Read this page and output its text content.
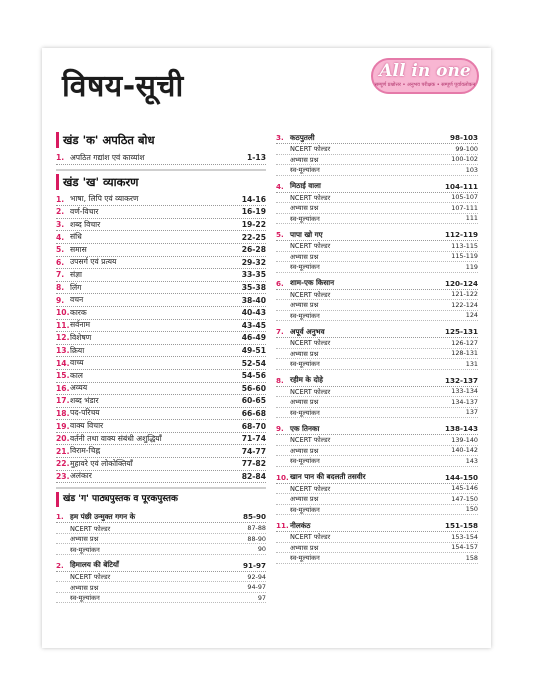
विषय-सूची	All in one
सम्पूर्ण प्रश्नोत्तर • अनुभव परीक्षक • सम्पूर्ण पूर्वावलोकन
खंड 'क' अपठित बोध
1. अपठित गद्यांश एवं काव्यांश	1-13
खंड 'ख' व्याकरण
1. भाषा, लिपि एवं व्याकरण	14-16
2. वर्ण-विचार	16-19
3. शब्द विचार	19-22
4. संधि	22-25
5. समास	26-28
6. उपसर्ग एवं प्रत्यय	29-32
7. संज्ञा	33-35
8. लिंग	35-38
9. वचन	38-40
10. कारक	40-43
11. सर्वनाम	43-45
12. विशेषण	46-49
13. क्रिया	49-51
14. वाच्य	52-54
15. काल	54-56
16. अव्यय	56-60
17. शब्द भंडार	60-65
18. पद-परिचय	66-68
19. वाक्य विचार	68-70
20. वर्तनी तथा वाक्य संबंधी अशुद्धियाँ	71-74
21. विराम-चिह्न	74-77
22. मुहावरे एवं लोकोक्तियाँ	77-82
23. अलंकार	82-84
खंड 'ग' पाठ्यपुस्तक व पूरकपुस्तक
1. हम पंछी उन्मुक्त गगन के	85-90
NCERT फोल्डर	87-88
अभ्यास प्रश्न	88-90
स्व-मूल्यांकन	90
2. हिमालय की बेटियाँ	91-97
NCERT फोल्डर	92-94
अभ्यास प्रश्न	94-97
स्व-मूल्यांकन	97
3. कठपुतली	98-103
NCERT फोल्डर	99-100
अभ्यास प्रश्न	100-102
स्व-मूल्यांकन	103
4. मिठाई वाला	104-111
NCERT फोल्डर	105-107
अभ्यास प्रश्न	107-111
स्व-मूल्यांकन	111
5. पापा खो गए	112-119
NCERT फोल्डर	113-115
अभ्यास प्रश्न	115-119
स्व-मूल्यांकन	119
6. शाम-एक किसान	120-124
NCERT फोल्डर	121-122
अभ्यास प्रश्न	122-124
स्व-मूल्यांकन	124
7. अपूर्व अनुभव	125-131
NCERT फोल्डर	126-127
अभ्यास प्रश्न	128-131
स्व-मूल्यांकन	131
8. रहीम के दोहे	132-137
NCERT फोल्डर	133-134
अभ्यास प्रश्न	134-137
स्व-मूल्यांकन	137
9. एक तिनका	138-143
NCERT फोल्डर	139-140
अभ्यास प्रश्न	140-142
स्व-मूल्यांकन	143
10. खान पान की बदलती तसवीर	144-150
NCERT फोल्डर	145-146
अभ्यास प्रश्न	147-150
स्व-मूल्यांकन	150
11. नीलकंठ	151-158
NCERT फोल्डर	153-154
अभ्यास प्रश्न	154-157
स्व-मूल्यांकन	158
